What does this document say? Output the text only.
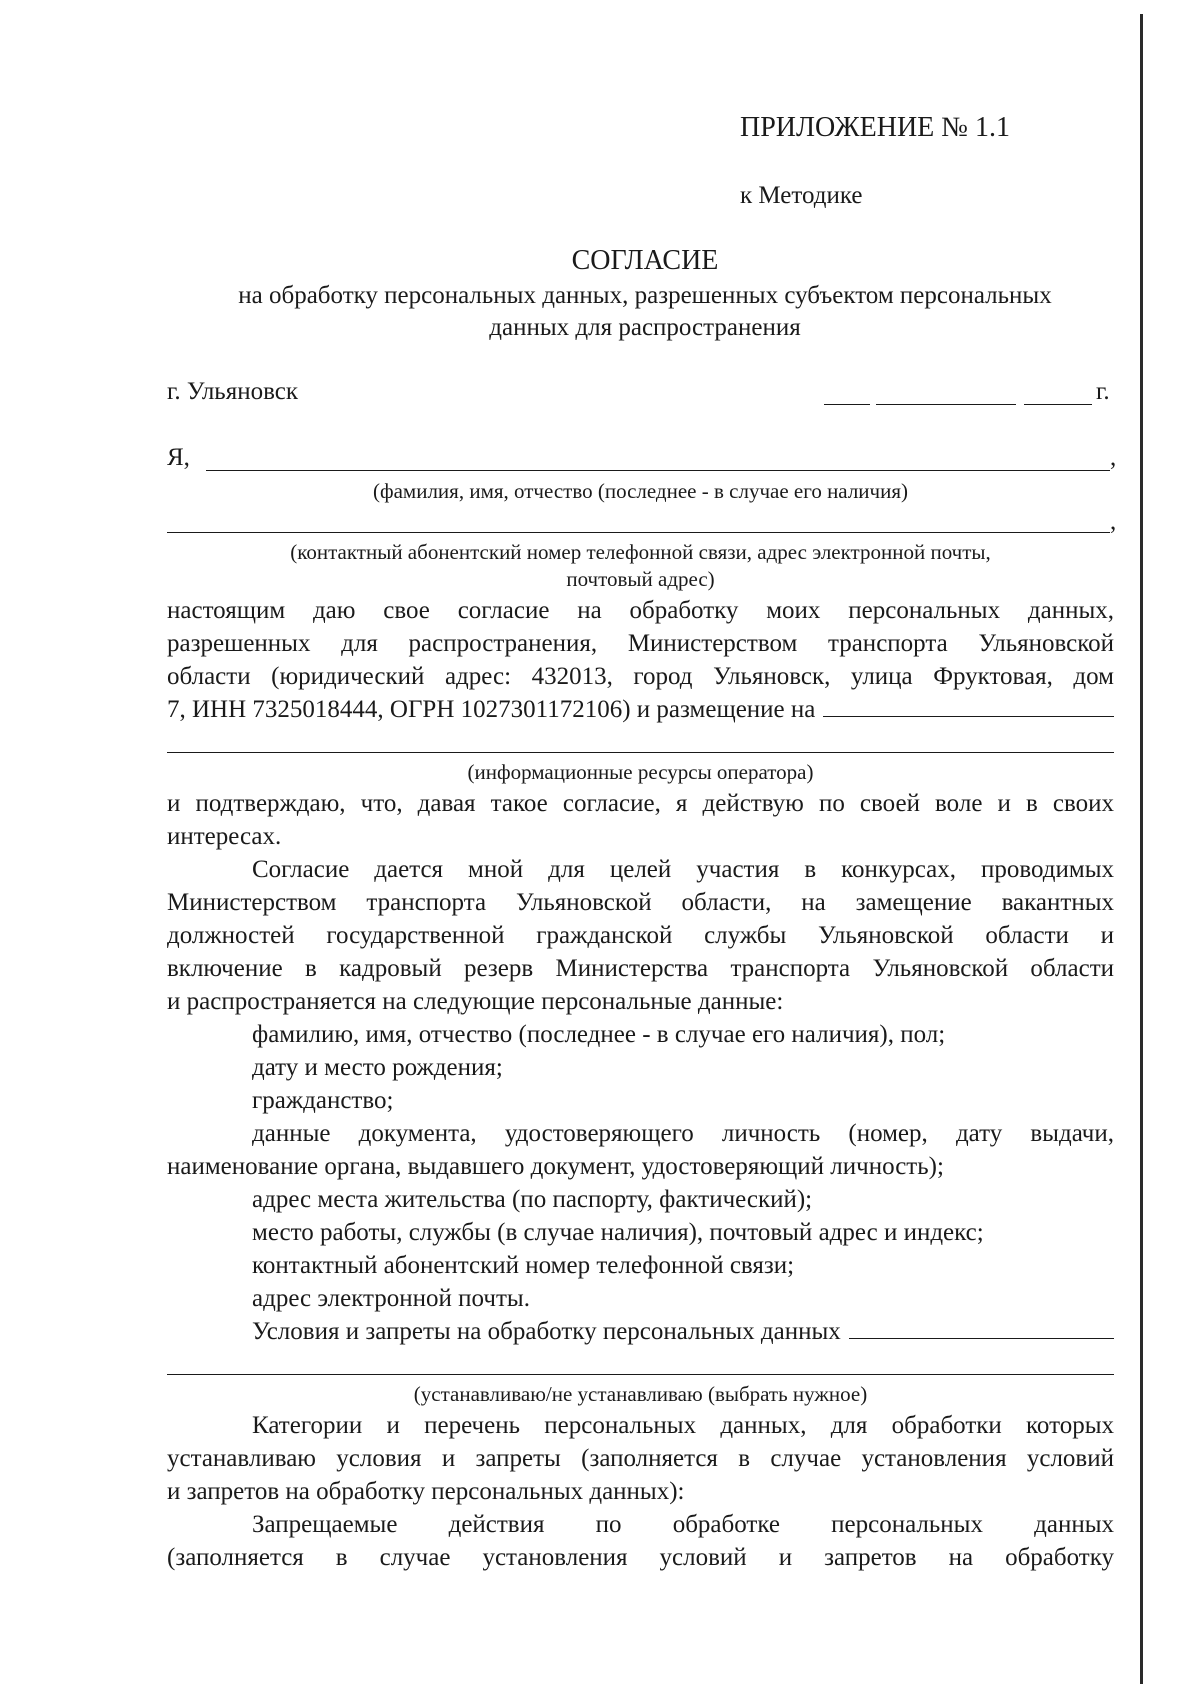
ПРИЛОЖЕНИЕ № 1.1
к Методике
СОГЛАСИЕ
на обработку персональных данных, разрешенных субъектом персональных
данных для распространения
г. Ульяновск	г.
Я,	,
(фамилия, имя, отчество (последнее - в случае его наличия)
,
(контактный абонентский номер телефонной связи, адрес электронной почты,
почтовый адрес)
настоящим даю свое согласие на обработку моих персональных данных,
разрешенных для распространения, Министерством транспорта Ульяновской
области (юридический адрес: 432013, город Ульяновск, улица Фруктовая, дом
7, ИНН 7325018444, ОГРН 1027301172106) и размещение на
(информационные ресурсы оператора)
и подтверждаю, что, давая такое согласие, я действую по своей воле и в своих
интересах.
Согласие дается мной для целей участия в конкурсах, проводимых
Министерством транспорта Ульяновской области, на замещение вакантных
должностей государственной гражданской службы Ульяновской области и
включение в кадровый резерв Министерства транспорта Ульяновской области
и распространяется на следующие персональные данные:
фамилию, имя, отчество (последнее - в случае его наличия), пол;
дату и место рождения;
гражданство;
данные документа, удостоверяющего личность (номер, дату выдачи,
наименование органа, выдавшего документ, удостоверяющий личность);
адрес места жительства (по паспорту, фактический);
место работы, службы (в случае наличия), почтовый адрес и индекс;
контактный абонентский номер телефонной связи;
адрес электронной почты.
Условия и запреты на обработку персональных данных
(устанавливаю/не устанавливаю (выбрать нужное)
Категории и перечень персональных данных, для обработки которых
устанавливаю условия и запреты (заполняется в случае установления условий
и запретов на обработку персональных данных):
Запрещаемые действия по обработке персональных данных
(заполняется в случае установления условий и запретов на обработку
